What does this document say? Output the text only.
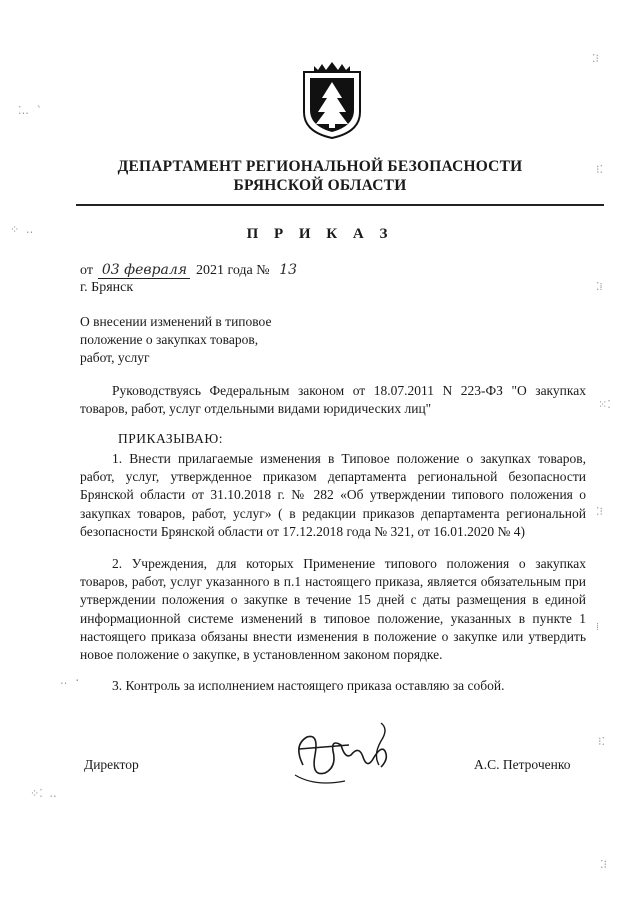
ДЕПАРТАМЕНТ РЕГИОНАЛЬНОЙ БЕЗОПАСНОСТИ
БРЯНСКОЙ ОБЛАСТИ
П Р И К А З
от 03 февраля 2021 года № 13
г. Брянск
О внесении изменений в типовое
положение о закупках товаров,
работ, услуг
Руководствуясь Федеральным законом от 18.07.2011 N 223-ФЗ "О закупках товаров, работ, услуг отдельными видами юридических лиц"
ПРИКАЗЫВАЮ:
1. Внести прилагаемые изменения в Типовое положение о закупках товаров, работ, услуг, утвержденное приказом департамента региональной безопасности Брянской области от 31.10.2018 г. № 282 «Об утверждении типового положения о закупках товаров, работ, услуг» ( в редакции приказов департамента региональной безопасности Брянской области от 17.12.2018 года № 321, от 16.01.2020 № 4)
2. Учреждения, для которых Применение типового положения о закупках товаров, работ, услуг указанного в п.1 настоящего приказа, является обязательным при утверждении положения о закупке в течение 15 дней с даты размещения в единой информационной системе изменений в типовое положение, указанных в пункте 1 настоящего приказа обязаны внести изменения в положение о закупке или утвердить новое положение о закупке, в установленном законом порядке.
3. Контроль за исполнением настоящего приказа оставляю за собой.
Директор	А.С. Петроченко
⁚‥ ՝
⁘ ‥
⁚⁝
⁝⁚
⁚⁞
⁙⁚
⁚⁝
⁞
⁝⁚
⁘⁚ ‥
⁚⁝
‥ ·
